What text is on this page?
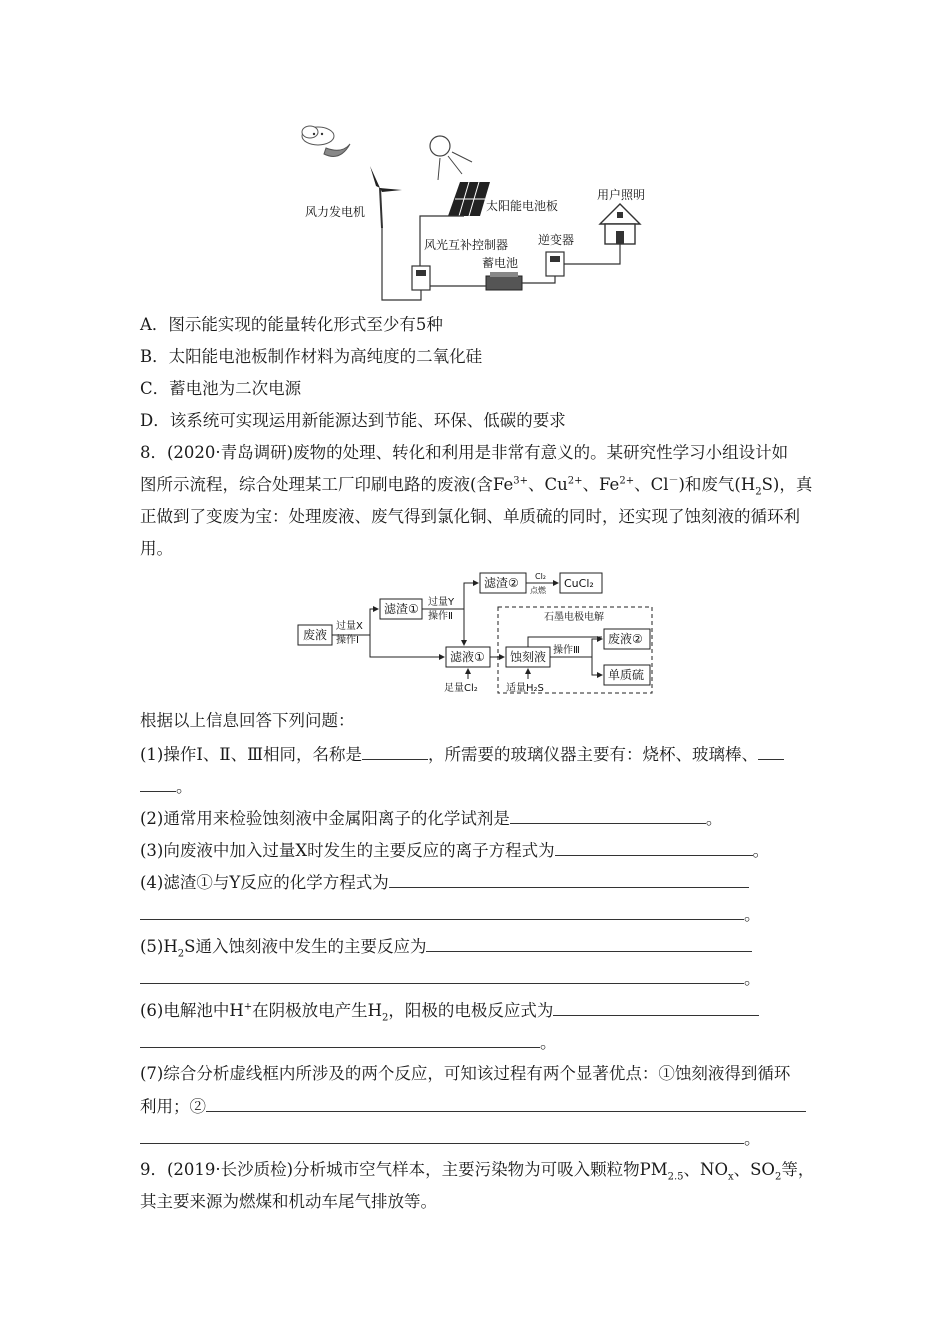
风力发电机	太阳能电池板
用户照明
风光互补控制器
蓄电池
逆变器
A．图示能实现的能量转化形式至少有5种
B．太阳能电池板制作材料为高纯度的二氧化硅
C．蓄电池为二次电源
D．该系统可实现运用新能源达到节能、环保、低碳的要求
8．(2020·青岛调研)废物的处理、转化和利用是非常有意义的。某研究性学习小组设计如
图所示流程，综合处理某工厂印刷电路的废液(含$Fe^{3+}$、$Cu^{2+}$、$Fe^{2+}$、Cl－)和废气$(H_2S)$，真
正做到了变废为宝：处理废液、废气得到氯化铜、单质硫的同时，还实现了蚀刻液的循环利
用。
废液
过量X
操作Ⅰ
滤渣① 过量Y
操作Ⅱ
滤渣② Cl₂
点燃
CuCl₂
滤液①
足量Cl₂
蚀刻液
石墨电极电解
操作Ⅲ
废液②
单质硫
适量H₂S
根据以上信息回答下列问题：
(1)操作Ⅰ、Ⅱ、Ⅲ相同，名称是	，所需要的玻璃仪器主要有：烧杯、玻璃棒、
。
(2)通常用来检验蚀刻液中金属阳离子的化学试剂是	。
(3)向废液中加入过量X时发生的主要反应的离子方程式为	。
(4)滤渣①与Y反应的化学方程式为
。
$(5)H_2S$通入蚀刻液中发生的主要反应为
。
(6)电解池中H+在阴极放电产生$H_2$，阳极的电极反应式为
。
(7)综合分析虚线框内所涉及的两个反应，可知该过程有两个显著优点：①蚀刻液得到循环
利用；②
。
9．(2019·长沙质检)分析城市空气样本，主要污染物为可吸入颗粒物$PM_{2.5}$、$NO_x$、$SO_2$等，
其主要来源为燃煤和机动车尾气排放等。
